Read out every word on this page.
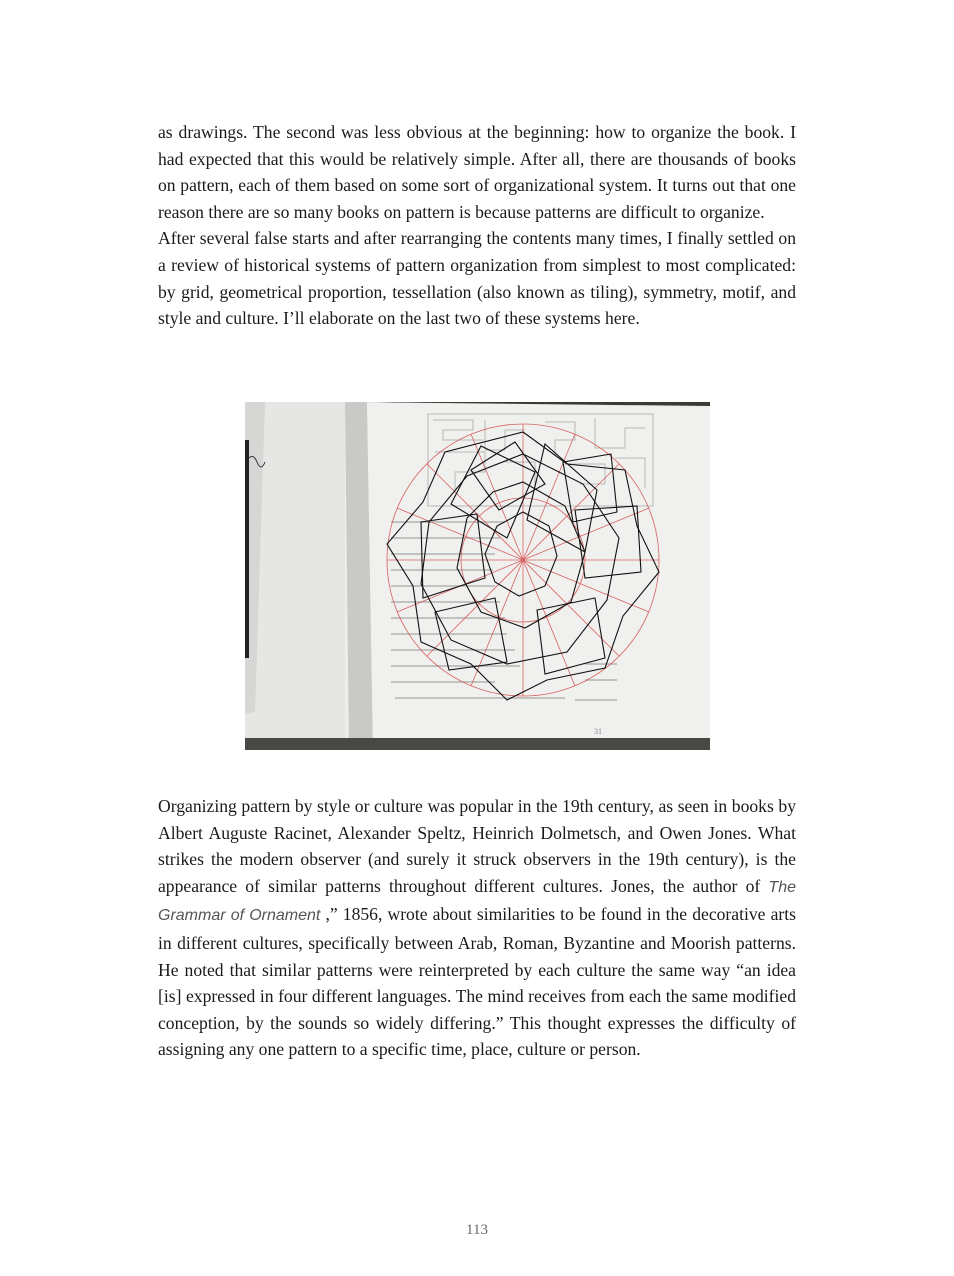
as drawings. The second was less obvious at the beginning: how to organize the book. I had expected that this would be relatively simple. After all, there are thousands of books on pattern, each of them based on some sort of organizational system. It turns out that one reason there are so many books on pattern is because patterns are difficult to organize.

After several false starts and after rearranging the contents many times, I finally settled on a review of historical systems of pattern organization from simplest to most complicated: by grid, geometrical proportion, tessellation (also known as tiling), symmetry, motif, and style and culture. I’ll elaborate on the last two of these systems here.

31

Organizing pattern by style or culture was popular in the 19th century, as seen in books by Albert Auguste Racinet, Alexander Speltz, Heinrich Dolmetsch, and Owen Jones. What strikes the modern observer (and surely it struck observers in the 19th century), is the appearance of similar patterns throughout different cultures. Jones, the author of The Grammar of Ornament ,” 1856, wrote about similarities to be found in the decorative arts in different cultures, specifically between Arab, Roman, Byzantine and Moorish patterns. He noted that similar patterns were reinterpreted by each culture the same way “an idea [is] expressed in four different languages. The mind receives from each the same modified conception, by the sounds so widely differing.” This thought expresses the difficulty of assigning any one pattern to a specific time, place, culture or person.

113
